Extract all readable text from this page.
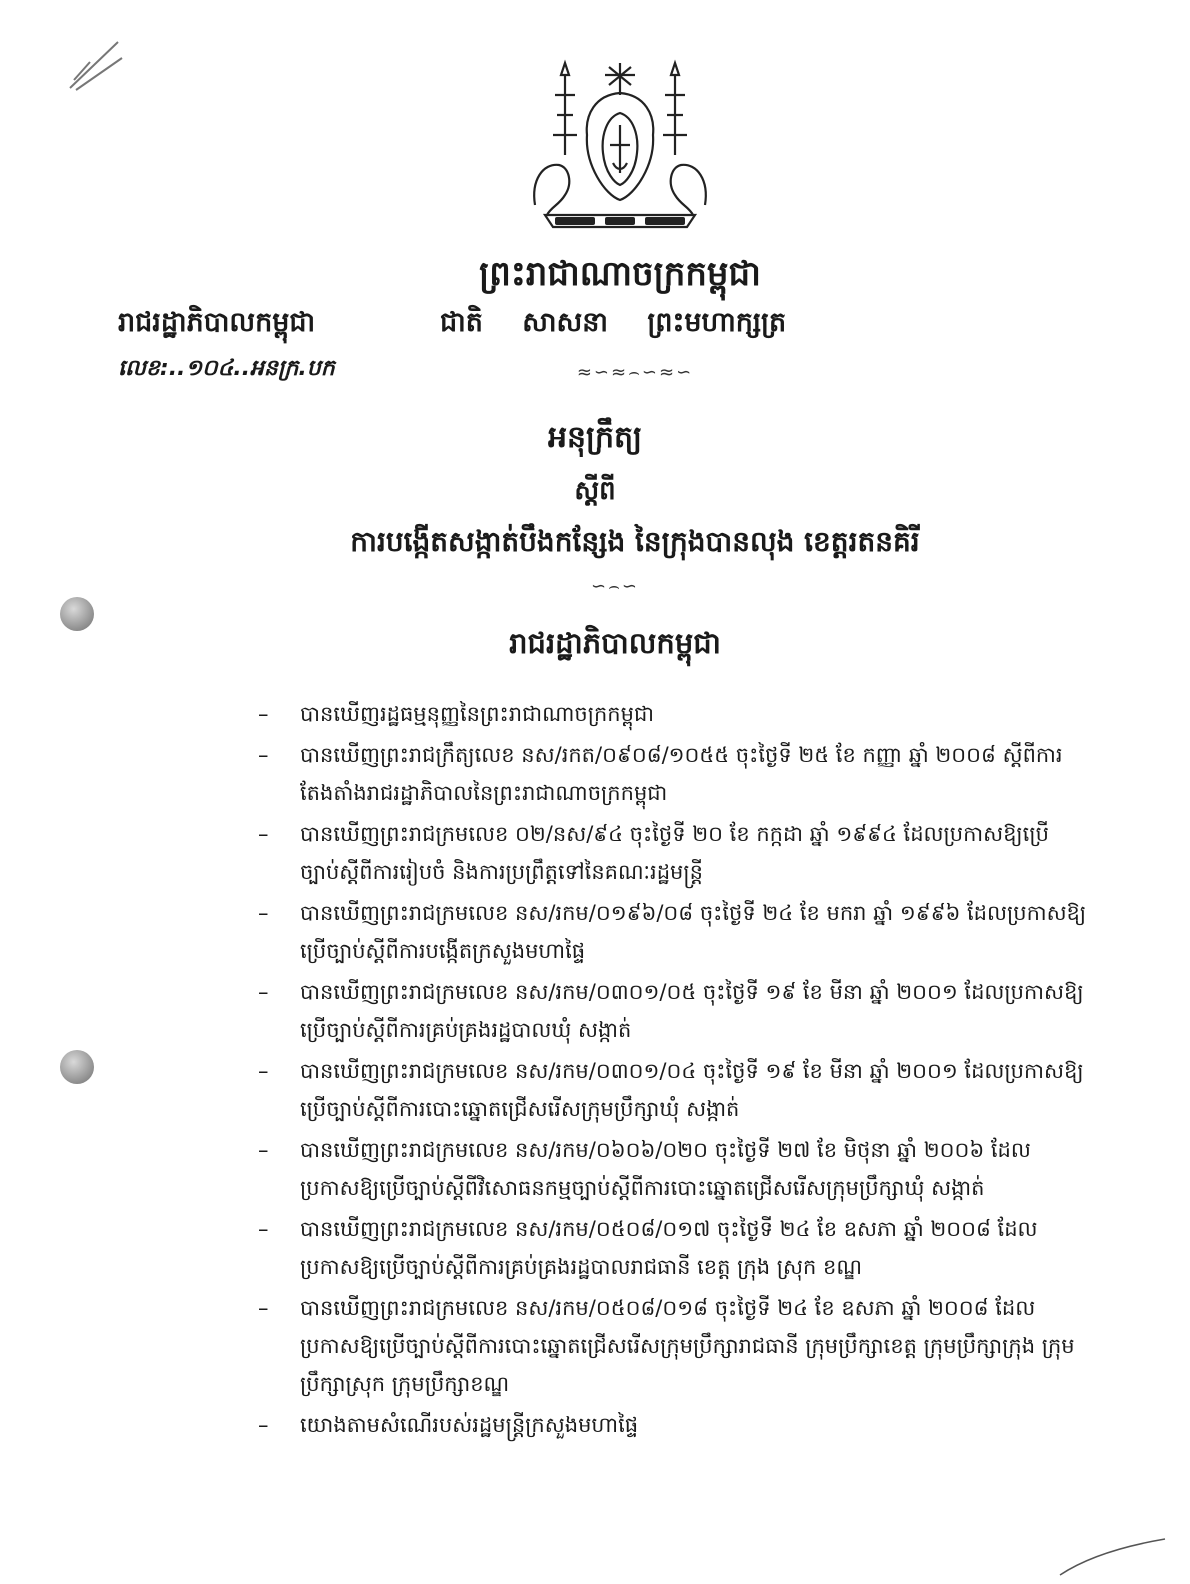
ព្រះរាជាណាចក្រកម្ពុជា
រាជរដ្ឋាភិបាលកម្ពុជា	ជាតិ សាសនា ព្រះមហាក្សត្រ
លេខ:..១០៤..អនក្រ.បក	≈∽≈⌢∽≈∽
អនុក្រឹត្យ
ស្តីពី
ការបង្កើតសង្កាត់បឹងកន្សែង នៃក្រុងបានលុង ខេត្តរតនគិរី
∽⌢∽
រាជរដ្ឋាភិបាលកម្ពុជា
–	បានឃើញរដ្ឋធម្មនុញ្ញនៃព្រះរាជាណាចក្រកម្ពុជា
–	បានឃើញព្រះរាជក្រឹត្យលេខ នស/រកត/០៩០៨/១០៥៥ ចុះថ្ងៃទី ២៥ ខែ កញ្ញា ឆ្នាំ ២០០៨ ស្តីពីការតែងតាំងរាជរដ្ឋាភិបាលនៃព្រះរាជាណាចក្រកម្ពុជា
–	បានឃើញព្រះរាជក្រមលេខ ០២/នស/៩៤ ចុះថ្ងៃទី ២០ ខែ កក្កដា ឆ្នាំ ១៩៩៤ ដែលប្រកាសឱ្យប្រើច្បាប់ស្តីពីការរៀបចំ និងការប្រព្រឹត្តទៅនៃគណៈរដ្ឋមន្ត្រី
–	បានឃើញព្រះរាជក្រមលេខ នស/រកម/០១៩៦/០៨ ចុះថ្ងៃទី ២៤ ខែ មករា ឆ្នាំ ១៩៩៦ ដែលប្រកាសឱ្យប្រើច្បាប់ស្តីពីការបង្កើតក្រសួងមហាផ្ទៃ
–	បានឃើញព្រះរាជក្រមលេខ នស/រកម/០៣០១/០៥ ចុះថ្ងៃទី ១៩ ខែ មីនា ឆ្នាំ ២០០១ ដែលប្រកាសឱ្យប្រើច្បាប់ស្តីពីការគ្រប់គ្រងរដ្ឋបាលឃុំ សង្កាត់
–	បានឃើញព្រះរាជក្រមលេខ នស/រកម/០៣០១/០៤ ចុះថ្ងៃទី ១៩ ខែ មីនា ឆ្នាំ ២០០១ ដែលប្រកាសឱ្យប្រើច្បាប់ស្តីពីការបោះឆ្នោតជ្រើសរើសក្រុមប្រឹក្សាឃុំ សង្កាត់
–	បានឃើញព្រះរាជក្រមលេខ នស/រកម/០៦០៦/០២០ ចុះថ្ងៃទី ២៧ ខែ មិថុនា ឆ្នាំ ២០០៦ ដែលប្រកាសឱ្យប្រើច្បាប់ស្តីពីវិសោធនកម្មច្បាប់ស្តីពីការបោះឆ្នោតជ្រើសរើសក្រុមប្រឹក្សាឃុំ សង្កាត់
–	បានឃើញព្រះរាជក្រមលេខ នស/រកម/០៥០៨/០១៧ ចុះថ្ងៃទី ២៤ ខែ ឧសភា ឆ្នាំ ២០០៨ ដែលប្រកាសឱ្យប្រើច្បាប់ស្តីពីការគ្រប់គ្រងរដ្ឋបាលរាជធានី ខេត្ត ក្រុង ស្រុក ខណ្ឌ
–	បានឃើញព្រះរាជក្រមលេខ នស/រកម/០៥០៨/០១៨ ចុះថ្ងៃទី ២៤ ខែ ឧសភា ឆ្នាំ ២០០៨ ដែលប្រកាសឱ្យប្រើច្បាប់ស្តីពីការបោះឆ្នោតជ្រើសរើសក្រុមប្រឹក្សារាជធានី ក្រុមប្រឹក្សាខេត្ត ក្រុមប្រឹក្សាក្រុង ក្រុមប្រឹក្សាស្រុក ក្រុមប្រឹក្សាខណ្ឌ
–	យោងតាមសំណើរបស់រដ្ឋមន្ត្រីក្រសួងមហាផ្ទៃ
